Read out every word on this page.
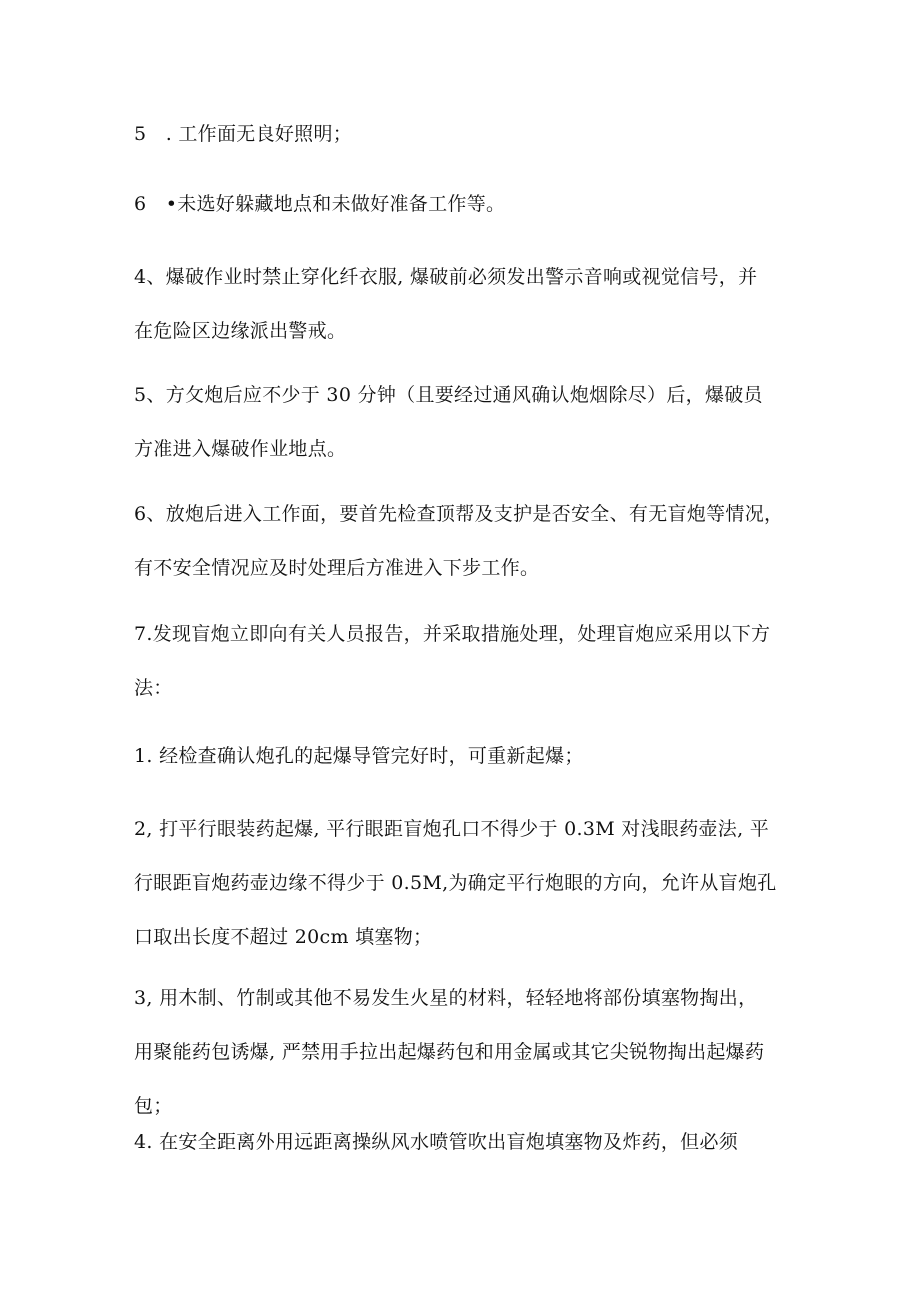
5　. 工作面无良好照明；

6　•未选好躲藏地点和未做好准备工作等。

4、爆破作业时禁止穿化纤衣服, 爆破前必须发出警示音响或视觉信号，并
在危险区边缘派出警戒。

5、方攵炮后应不少于 30 分钟（且要经过通风确认炮烟除尽）后，爆破员
方准进入爆破作业地点。

6、放炮后进入工作面，要首先检查顶帮及支护是否安全、有无盲炮等情况，
有不安全情况应及时处理后方准进入下步工作。

7.发现盲炮立即向有关人员报告，并采取措施处理，处理盲炮应采用以下方
法：

1. 经检查确认炮孔的起爆导管完好时，可重新起爆；

2, 打平行眼装药起爆, 平行眼距盲炮孔口不得少于 0.3M 对浅眼药壶法, 平
行眼距盲炮药壶边缘不得少于 0.5M,为确定平行炮眼的方向，允许从盲炮孔
口取出长度不超过 20cm 填塞物；

3, 用木制、竹制或其他不易发生火星的材料，轻轻地将部份填塞物掏出，
用聚能药包诱爆, 严禁用手拉出起爆药包和用金属或其它尖锐物掏出起爆药
包；

4. 在安全距离外用远距离操纵风水喷管吹出盲炮填塞物及炸药，但必须
